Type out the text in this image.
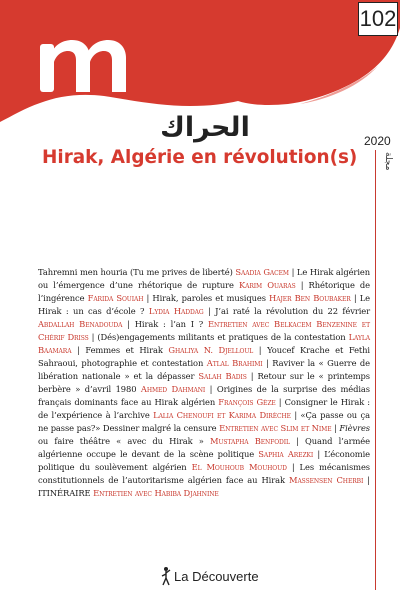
102
الحراك	2020
Hirak, Algérie en révolution(s)	مجلة
Tahremni men houria (Tu me prives de liberté) Saadia Gacem | Le Hirak algérien ou l’émergence d’une rhétorique de rupture Karim Ouaras | Rhétorique de l’ingérence Farida Souiah | Hirak, paroles et musiques Hajer Ben Boubaker | Le Hirak : un cas d’école ? Lydia Haddag | J’ai raté la révolution du 22 février Abdallah Benadouda | Hirak : l’an I ? Entretien avec Belkacem Benzenine et Chérif Driss | (Dés)engagements militants et pratiques de la contestation Layla Baamara | Femmes et Hirak Ghaliya N. Djelloul | Youcef Krache et Fethi Sahraoui, photographie et contestation Atlal Brahimi | Raviver la « Guerre de libération nationale » et la dépasser Salah Badis | Retour sur le « printemps berbère » d’avril 1980 Ahmed Dahmani | Origines de la surprise des médias français dominants face au Hirak algérien François Gèze | Consigner le Hirak : de l’expérience à l’archive Lalia Chenoufi et Karima Dirèche | «Ça passe ou ça ne passe pas?» Dessiner malgré la censure Entretien avec Slim et Nime | Fièvres ou faire théâtre « avec du Hirak » Mustapha Benfodil | Quand l’armée algérienne occupe le devant de la scène politique Saphia Arezki | L’économie politique du soulèvement algérien El Mouhoub Mouhoud | Les mécanismes constitutionnels de l’autoritarisme algérien face au Hirak Massensen Cherbi | ITINÉRAIRE Entretien avec Habiba Djahnine
La Découverte
